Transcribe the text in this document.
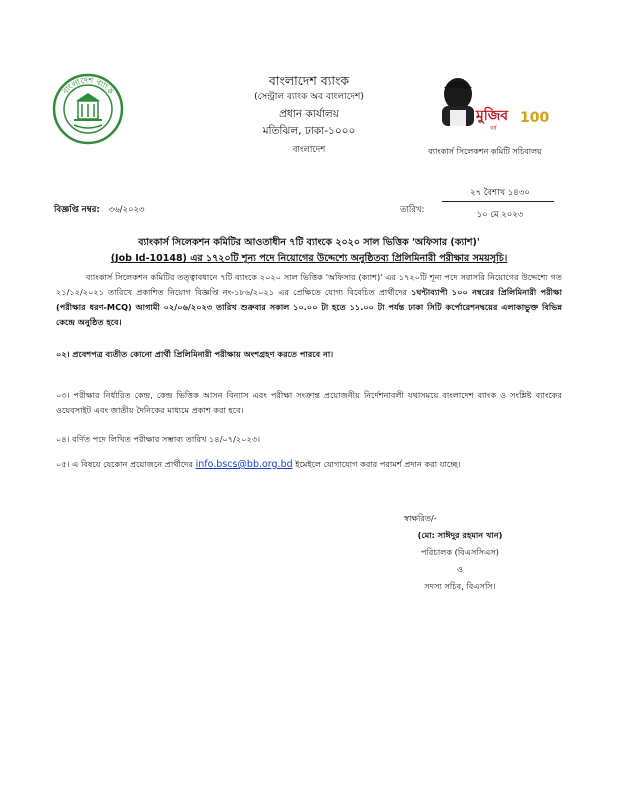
বাংলাদেশ ব্যাংক
বাংলাদেশ ব্যাংক
(সেন্ট্রাল ব্যাংক অব বাংলাদেশ)
প্রধান কার্যালয়
মতিঝিল, ঢাকা-১০০০
বাংলাদেশ
মুজিব
বর্ষ
100
ব্যাংকার্স সিলেকশন কমিটি সচিবালয়
বিজ্ঞপ্তি নম্বর: ৩৬/২০২৩	তারিখ:
২৭ বৈশাখ ১৪৩০
১০ মে ২০২৩
ব্যাংকার্স সিলেকশন কমিটির আওতাধীন ৭টি ব্যাংকে ২০২০ সাল ভিত্তিক 'অফিসার (ক্যাশ)'
(Job Id-10148) এর ১৭২০টি শূন্য পদে নিয়োগের উদ্দেশ্যে অনুষ্ঠিতব্য প্রিলিমিনারী পরীক্ষার সময়সূচি।
ব্যাংকার্স সিলেকশন কমিটির তত্ত্বাবধানে ৭টি ব্যাংকে ২০২০ সাল ভিত্তিক 'অফিসার (ক্যাশ)' এর ১৭২০টি শূন্য পদে সরাসরি নিয়োগের উদ্দেশ্যে গত ২১/১২/২০২১ তারিখে প্রকাশিত নিয়োগ বিজ্ঞপ্তি নং-১৮৬/২০২১ এর প্রেক্ষিতে যোগ্য বিবেচিত প্রার্থীদের ১ঘন্টাব্যাপী ১০০ নম্বরের প্রিলিমিনারী পরীক্ষা (পরীক্ষার ধরণ-MCQ) আগামী ০২/০৬/২০২৩ তারিখ শুক্রবার সকাল ১০.০০ টা হতে ১১.০০ টা পর্যন্ত ঢাকা সিটি কর্পোরেশনদ্বয়ের এলাকাভুক্ত বিভিন্ন কেন্দ্রে অনুষ্ঠিত হবে।
০২। প্রবেশপত্র ব্যতীত কোনো প্রার্থী প্রিলিমিনারী পরীক্ষায় অংশগ্রহণ করতে পারবে না।
০৩। পরীক্ষার নির্ধারিত কেন্দ্র, কেন্দ্র ভিত্তিক আসন বিন্যাস এবং পরীক্ষা সংক্রান্ত প্রয়োজনীয় নির্দেশনাবলী যথাসময়ে বাংলাদেশ ব্যাংক ও সংশ্লিষ্ট ব্যাংকের ওয়েবসাইট এবং জাতীয় দৈনিকের মাধ্যমে প্রকাশ করা হবে।
০৪। বর্ণিত পদে লিখিত পরীক্ষার সম্ভাব্য তারিখ ১৪/০৭/২০২৩।
০৫। এ বিষয়ে যেকোন প্রয়োজনে প্রার্থীদের info.bscs@bb.org.bd ইমেইলে যোগাযোগ করার পরামর্শ প্রদান করা যাচ্ছে।
স্বাক্ষরিত/-
(মো: সাঈদুর রহমান খান)
পরিচালক (বিএসসিএস)
ও
সদস্য সচিব, বিএসসি।
